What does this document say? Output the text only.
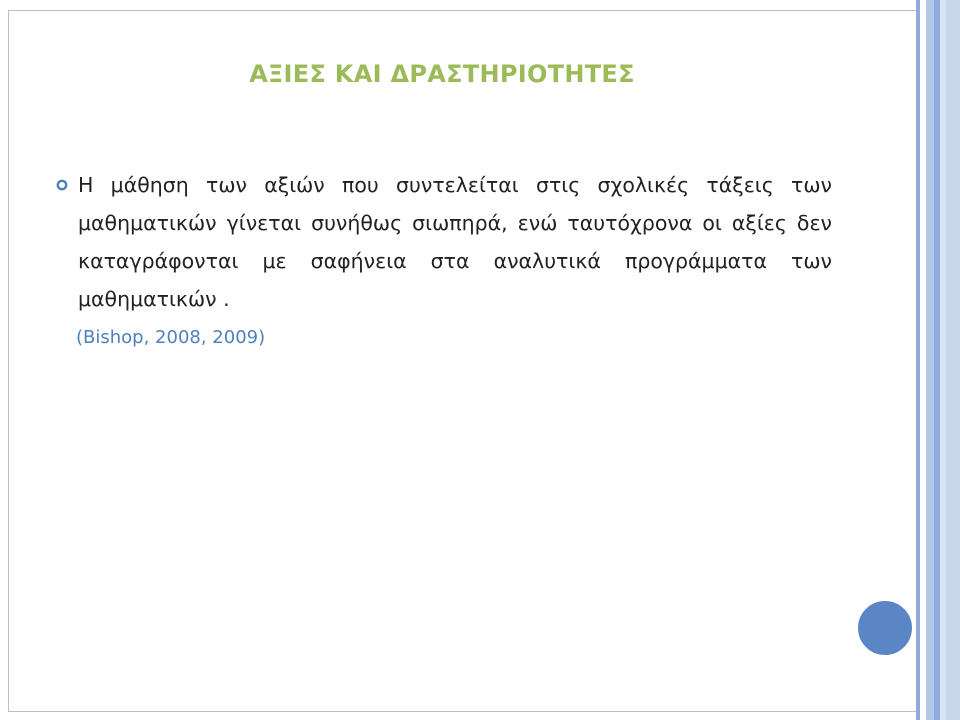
ΑΞΙΕΣ ΚΑΙ ΔΡΑΣΤΗΡΙΟΤΗΤΕΣ

Η μάθηση των αξιών που συντελείται στις σχολικές τάξεις των μαθηματικών γίνεται συνήθως σιωπηρά, ενώ ταυτόχρονα οι αξίες δεν καταγράφονται με σαφήνεια στα αναλυτικά προγράμματα των μαθηματικών .

(Bishop, 2008, 2009)
